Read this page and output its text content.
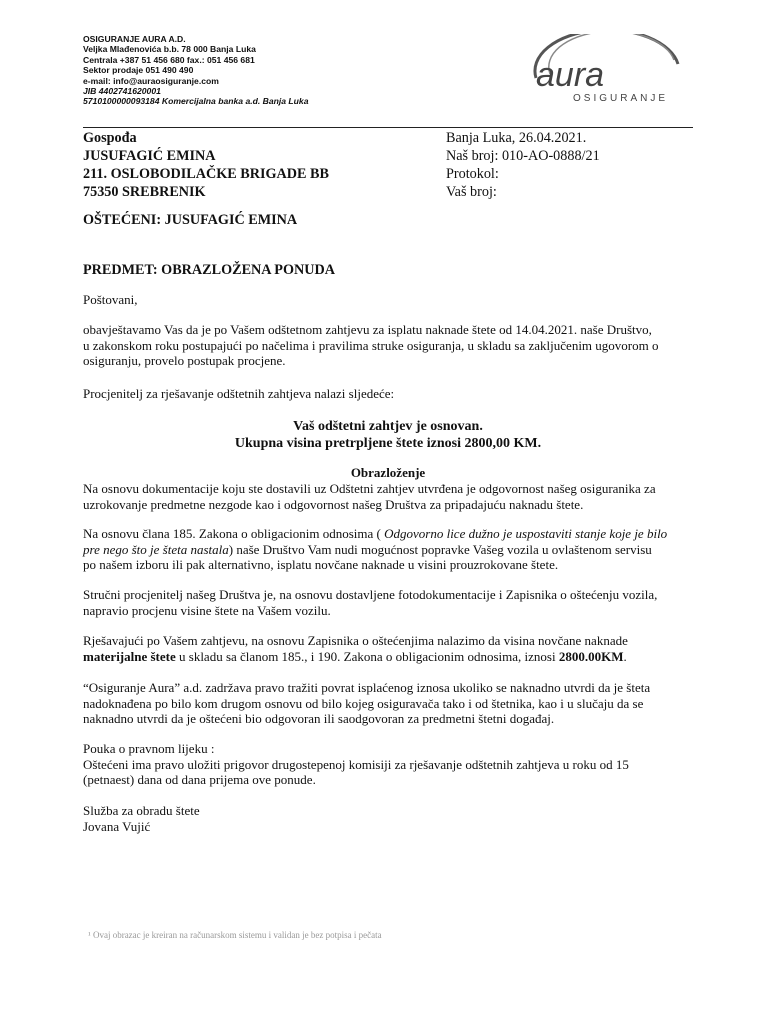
OSIGURANJE AURA A.D.
Veljka Mlađenovića b.b. 78 000 Banja Luka
Centrala +387 51 456 680 fax.: 051 456 681
Sektor prodaje 051 490 490
e-mail: info@auraosiguranje.com
JIB 4402741620001
5710100000093184 Komercijalna banka a.d. Banja Luka
aura
OSIGURANJE
Gospođa
JUSUFAGIĆ EMINA
211. OSLOBODILAČKE BRIGADE BB
75350 SREBRENIK
Banja Luka, 26.04.2021.
Naš broj: 010-AO-0888/21
Protokol:
Vaš broj:
OŠTEĆENI: JUSUFAGIĆ EMINA
PREDMET: OBRAZLOŽENA PONUDA
Poštovani,
obavještavamo Vas da je po Vašem odštetnom zahtjevu za isplatu naknade štete od 14.04.2021. naše Društvo,
u zakonskom roku postupajući po načelima i pravilima struke osiguranja, u skladu sa zaključenim ugovorom o
osiguranju, provelo postupak procjene.
Procjenitelj za rješavanje odštetnih zahtjeva nalazi sljedeće:
Vaš odštetni zahtjev je osnovan.
Ukupna visina pretrpljene štete iznosi 2800,00 KM.
Obrazloženje
Na osnovu dokumentacije koju ste dostavili uz Odštetni zahtjev utvrđena je odgovornost našeg osiguranika za
uzrokovanje predmetne nezgode kao i odgovornost našeg Društva za pripadajuću naknadu štete.
Na osnovu člana 185. Zakona o obligacionim odnosima ( Odgovorno lice dužno je uspostaviti stanje koje je bilo
pre nego što je šteta nastala) naše Društvo Vam nudi mogućnost popravke Vašeg vozila u ovlaštenom servisu
po našem izboru ili pak alternativno, isplatu novčane naknade u visini prouzrokovane štete.
Stručni procjenitelj našeg Društva je, na osnovu dostavljene fotodokumentacije i Zapisnika o oštećenju vozila,
napravio procjenu visine štete na Vašem vozilu.
Rješavajući po Vašem zahtjevu, na osnovu Zapisnika o oštećenjima nalazimo da visina novčane naknade
materijalne štete u skladu sa članom 185., i 190. Zakona o obligacionim odnosima, iznosi 2800.00KM.
“Osiguranje Aura” a.d. zadržava pravo tražiti povrat isplaćenog iznosa ukoliko se naknadno utvrdi da je šteta
nadoknađena po bilo kom drugom osnovu od bilo kojeg osiguravača tako i od štetnika, kao i u slučaju da se
naknadno utvrdi da je oštećeni bio odgovoran ili saodgovoran za predmetni štetni događaj.
Pouka o pravnom lijeku :
Oštećeni ima pravo uložiti prigovor drugostepenoj komisiji za rješavanje odštetnih zahtjeva u roku od 15
(petnaest) dana od dana prijema ove ponude.
Služba za obradu štete
Jovana Vujić
¹ Ovaj obrazac je kreiran na računarskom sistemu i validan je bez potpisa i pečata
